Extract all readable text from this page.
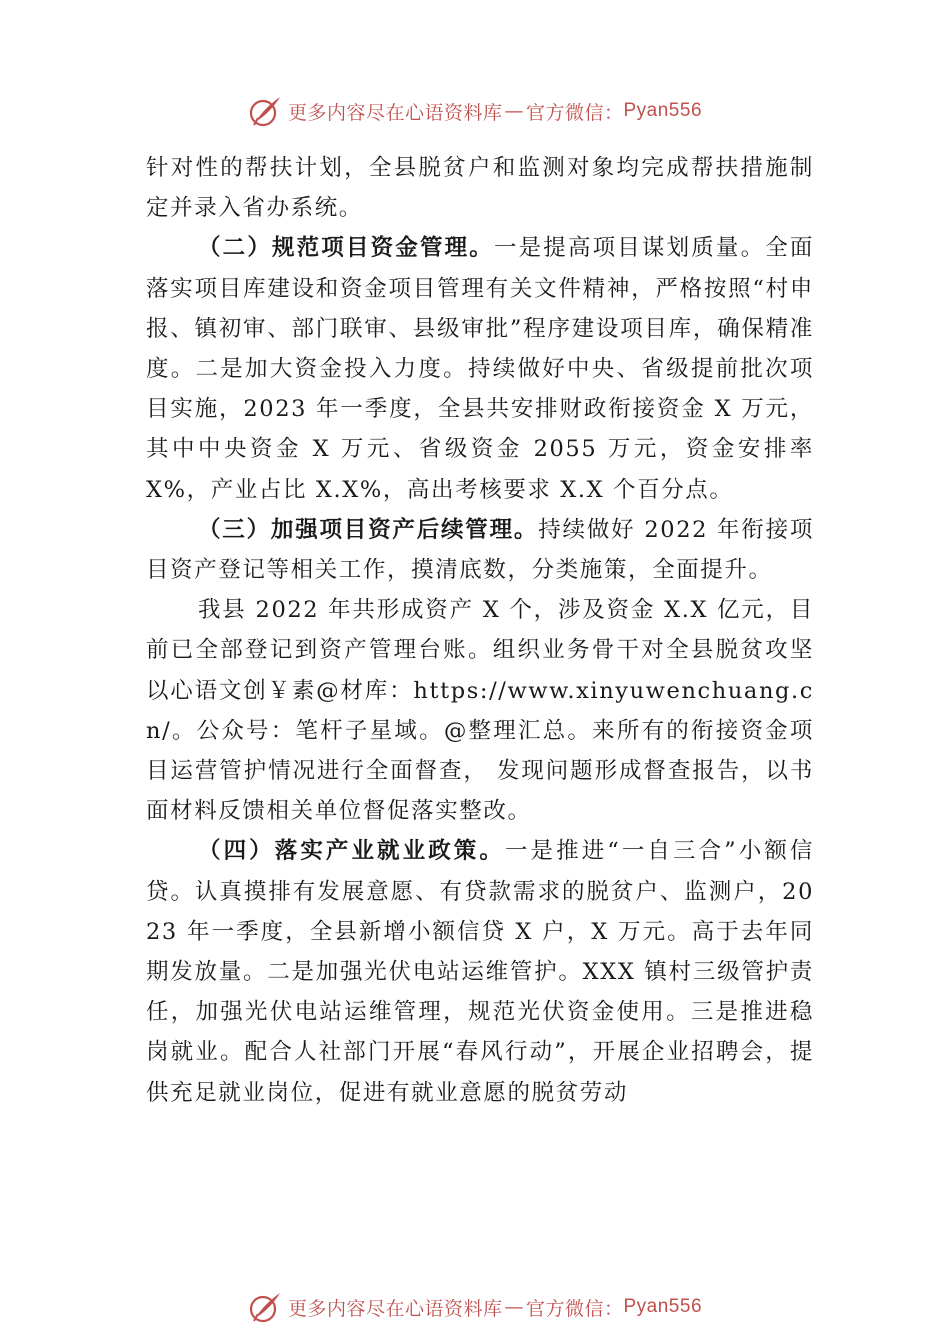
更多内容尽在心语资料库 — 官方微信： Pyan556

针对性的帮扶计划，全县脱贫户和监测对象均完成帮扶措施制定并录入省办系统。

（二）规范项目资金管理。一是提高项目谋划质量。全面落实项目库建设和资金项目管理有关文件精神，严格按照“村申报、镇初审、部门联审、县级审批”程序建设项目库，确保精准度。二是加大资金投入力度。持续做好中央、省级提前批次项目实施，2023 年一季度，全县共安排财政衔接资金 X 万元，其中中央资金 X 万元、省级资金 2055 万元，资金安排率 X%，产业占比 X.X%，高出考核要求 X.X 个百分点。

（三）加强项目资产后续管理。持续做好 2022 年衔接项目资产登记等相关工作，摸清底数，分类施策，全面提升。

我县 2022 年共形成资产 X 个，涉及资金 X.X 亿元，目前已全部登记到资产管理台账。组织业务骨干对全县脱贫攻坚以心语文创￥素@材库：https://www.xinyuwenchuang.cn/。公众号：笔杆子星域。@整理汇总。来所有的衔接资金项目运营管护情况进行全面督查， 发现问题形成督查报告，以书面材料反馈相关单位督促落实整改。

（四）落实产业就业政策。一是推进“一自三合”小额信贷。认真摸排有发展意愿、有贷款需求的脱贫户、监测户，2023 年一季度，全县新增小额信贷 X 户，X 万元。高于去年同期发放量。二是加强光伏电站运维管护。XXX 镇村三级管护责任，加强光伏电站运维管理，规范光伏资金使用。三是推进稳岗就业。配合人社部门开展“春风行动”，开展企业招聘会，提供充足就业岗位，促进有就业意愿的脱贫劳动

更多内容尽在心语资料库 — 官方微信： Pyan556
